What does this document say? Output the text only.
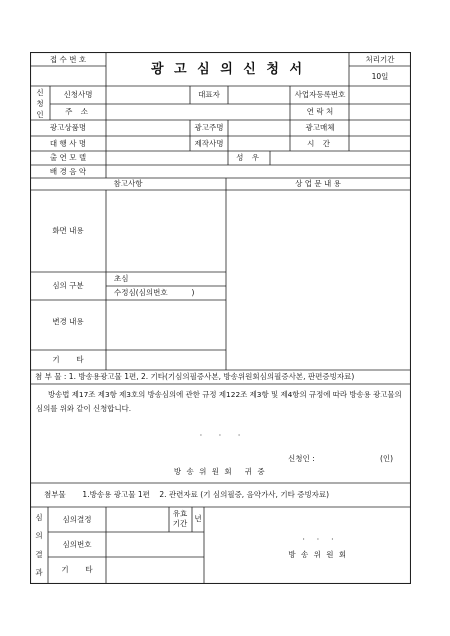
접 수 번 호
광 고 심 의 신 청 서
처리기간
10일
신
청
인
신청사명	대표자	사업자등록번호
주 소	연 락 처
광고상품명	광고주명	광고매체
대 행 사 명	제작사명	시 간
출 연 모 델	성 우
배 경 음 악
참고사항	상 업 문 내 용
화면 내용
심의 구분
초심
수정심(심의번호          )
변경 내용
기       타
첨 부 물 : 1. 방송용광고물 1편, 2. 기타(기심의필증사본, 방송위원회심의필증사본, 판편증빙자료)
방송법 제17조 제3항 제3호의 방송심의에 관한 규정 제122조 제3항 및 제4항의 규정에 따라 방송용 광고물의 심의를 위와 같이 신청합니다.
·       ·       ·
신청인 :	(인)
방 송 위 원 회   귀 중
첨부물       1.방송용 광고물 1편    2. 관련자료 (기 심의필증, 음악가사, 기타 증빙자료)
심
의
결
과
심의결정
유효
기간
년
심의번호
기       타
·     ·     ·
방 송 위 원 회
